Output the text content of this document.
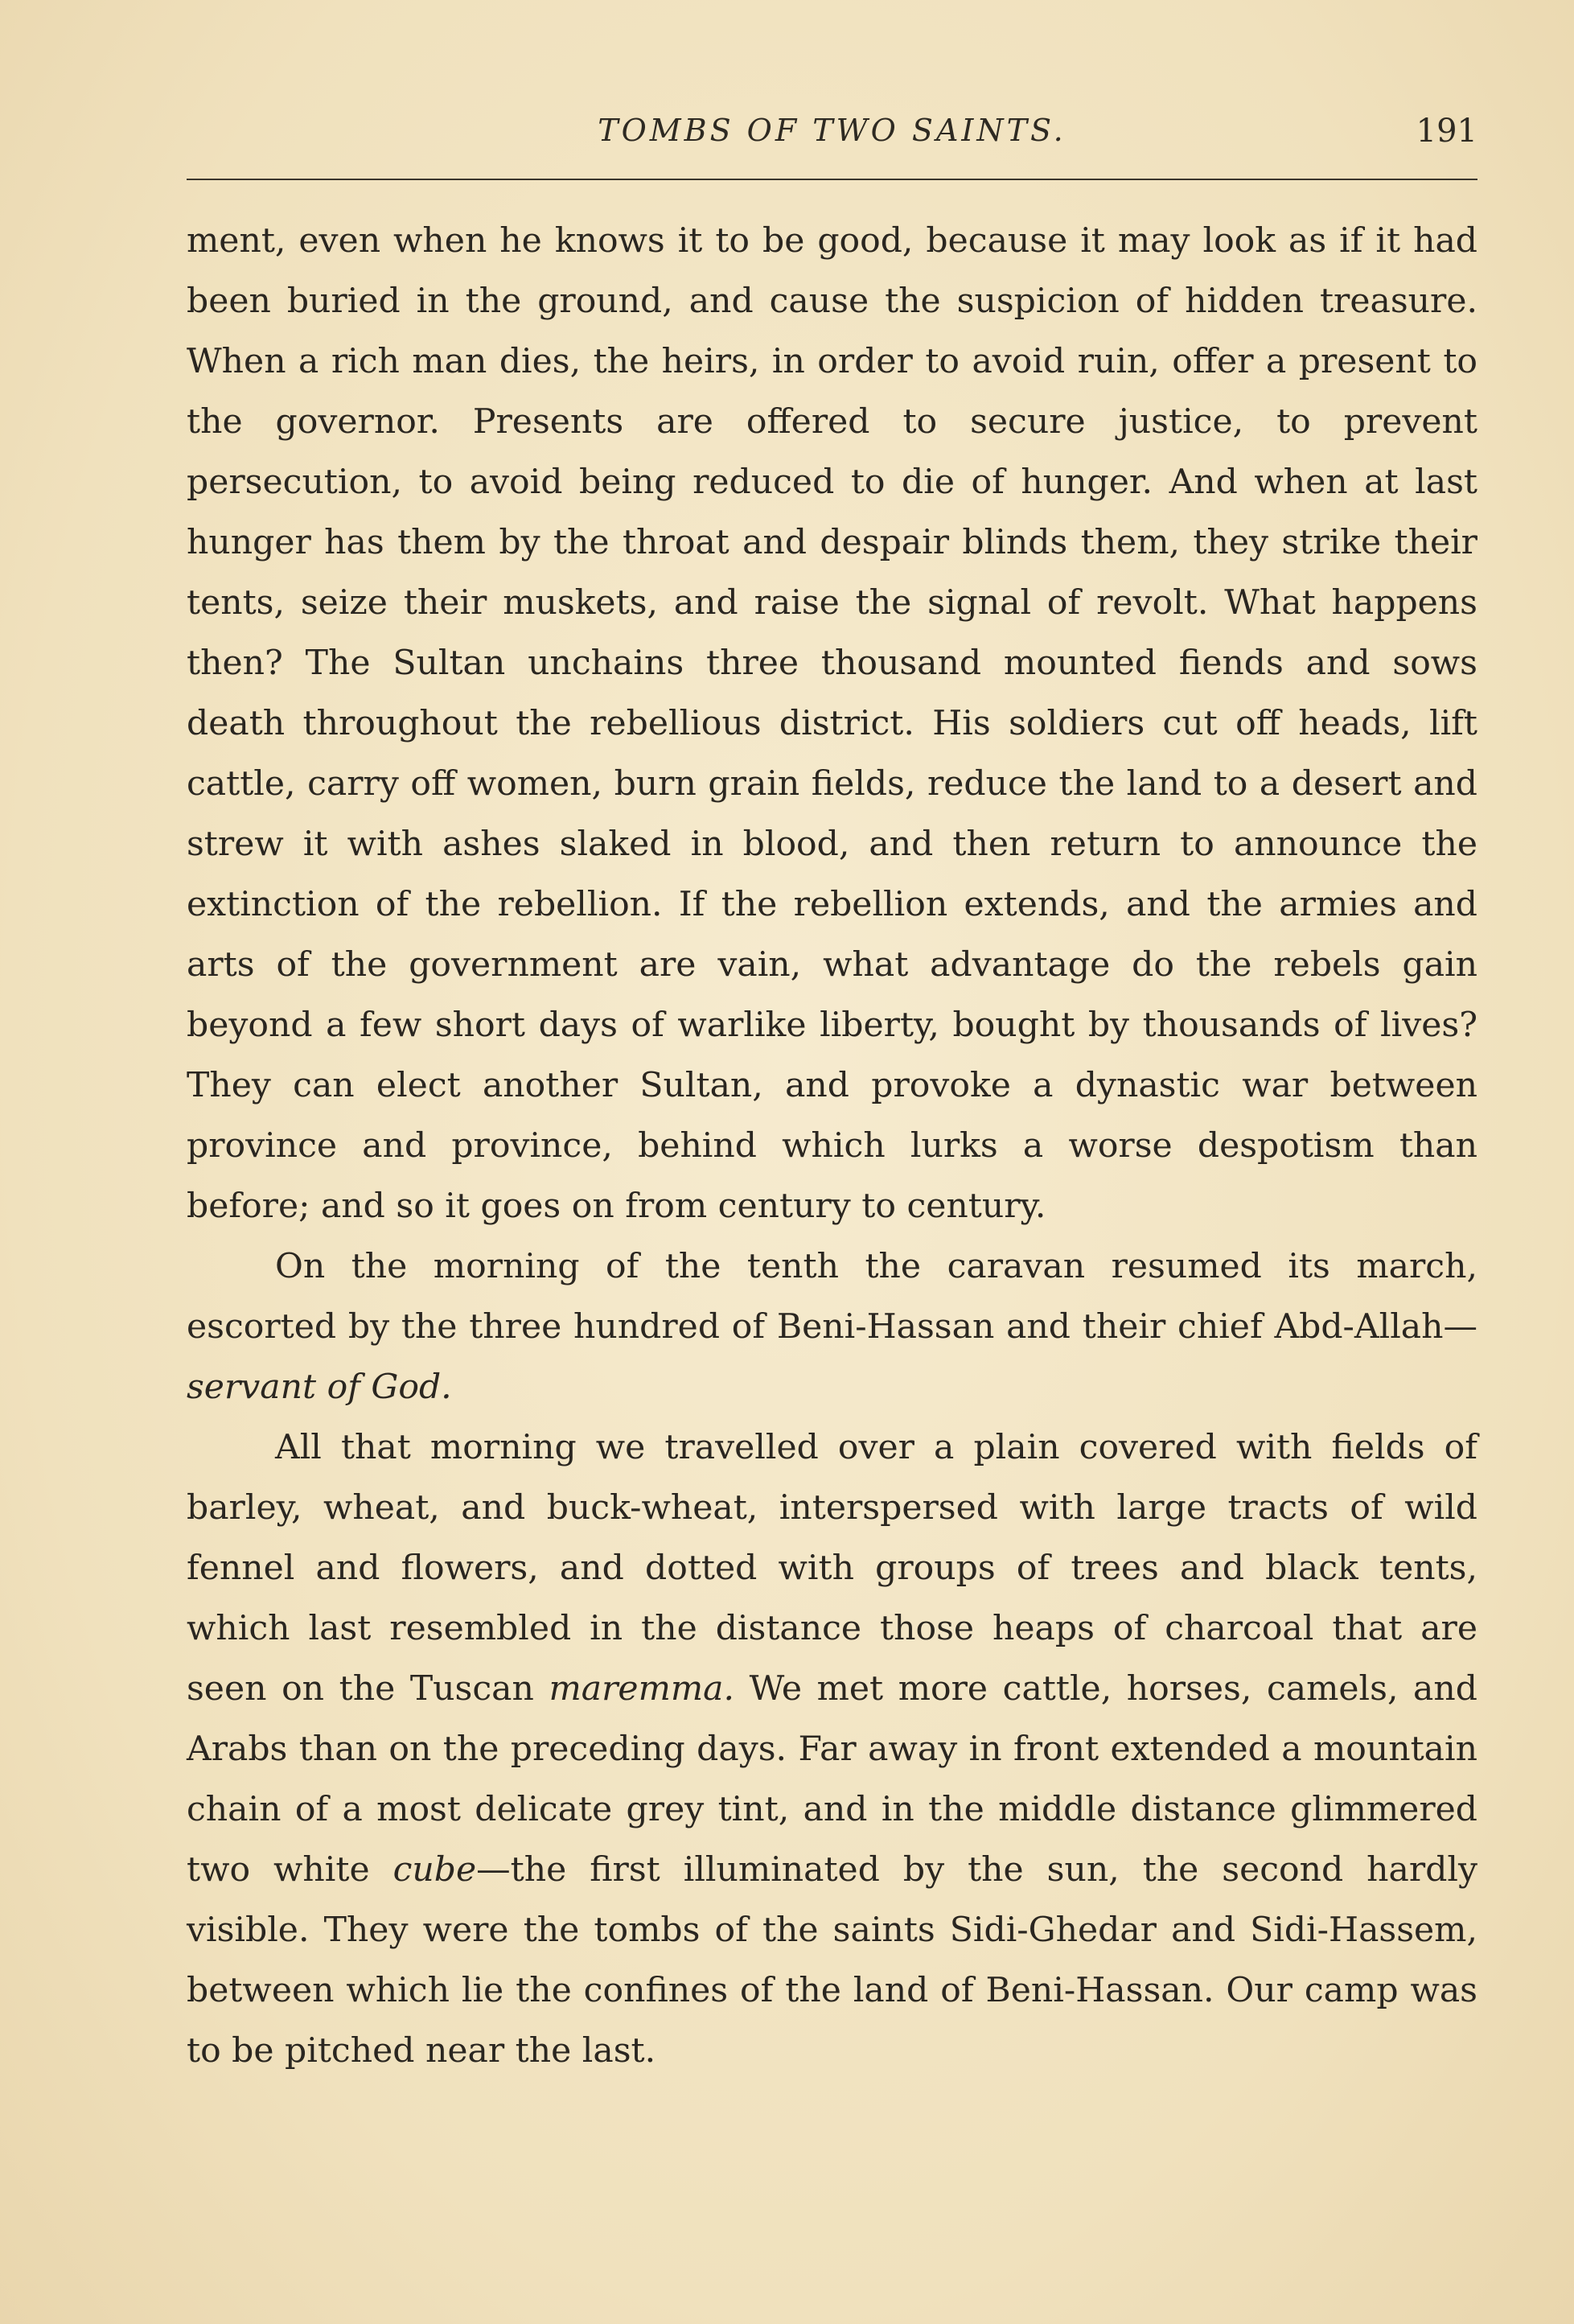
TOMBS OF TWO SAINTS.	191

ment, even when he knows it to be good, because it may look as if it had been buried in the ground, and cause the suspicion of hidden treasure. When a rich man dies, the heirs, in order to avoid ruin, offer a present to the governor. Presents are offered to secure justice, to prevent persecution, to avoid being reduced to die of hunger. And when at last hunger has them by the throat and despair blinds them, they strike their tents, seize their muskets, and raise the signal of revolt. What happens then? The Sultan unchains three thousand mounted fiends and sows death throughout the rebellious district. His soldiers cut off heads, lift cattle, carry off women, burn grain fields, reduce the land to a desert and strew it with ashes slaked in blood, and then return to announce the extinction of the rebellion. If the rebellion extends, and the armies and arts of the government are vain, what advantage do the rebels gain beyond a few short days of warlike liberty, bought by thousands of lives? They can elect another Sultan, and provoke a dynastic war between province and province, behind which lurks a worse despotism than before; and so it goes on from century to century.

On the morning of the tenth the caravan resumed its march, escorted by the three hundred of Beni-Hassan and their chief Abd-Allah—servant of God.

All that morning we travelled over a plain covered with fields of barley, wheat, and buck-wheat, interspersed with large tracts of wild fennel and flowers, and dotted with groups of trees and black tents, which last resembled in the distance those heaps of charcoal that are seen on the Tuscan maremma. We met more cattle, horses, camels, and Arabs than on the preceding days. Far away in front extended a mountain chain of a most delicate grey tint, and in the middle distance glimmered two white cube—the first illuminated by the sun, the second hardly visible. They were the tombs of the saints Sidi-Ghedar and Sidi-Hassem, between which lie the confines of the land of Beni-Hassan. Our camp was to be pitched near the last.
